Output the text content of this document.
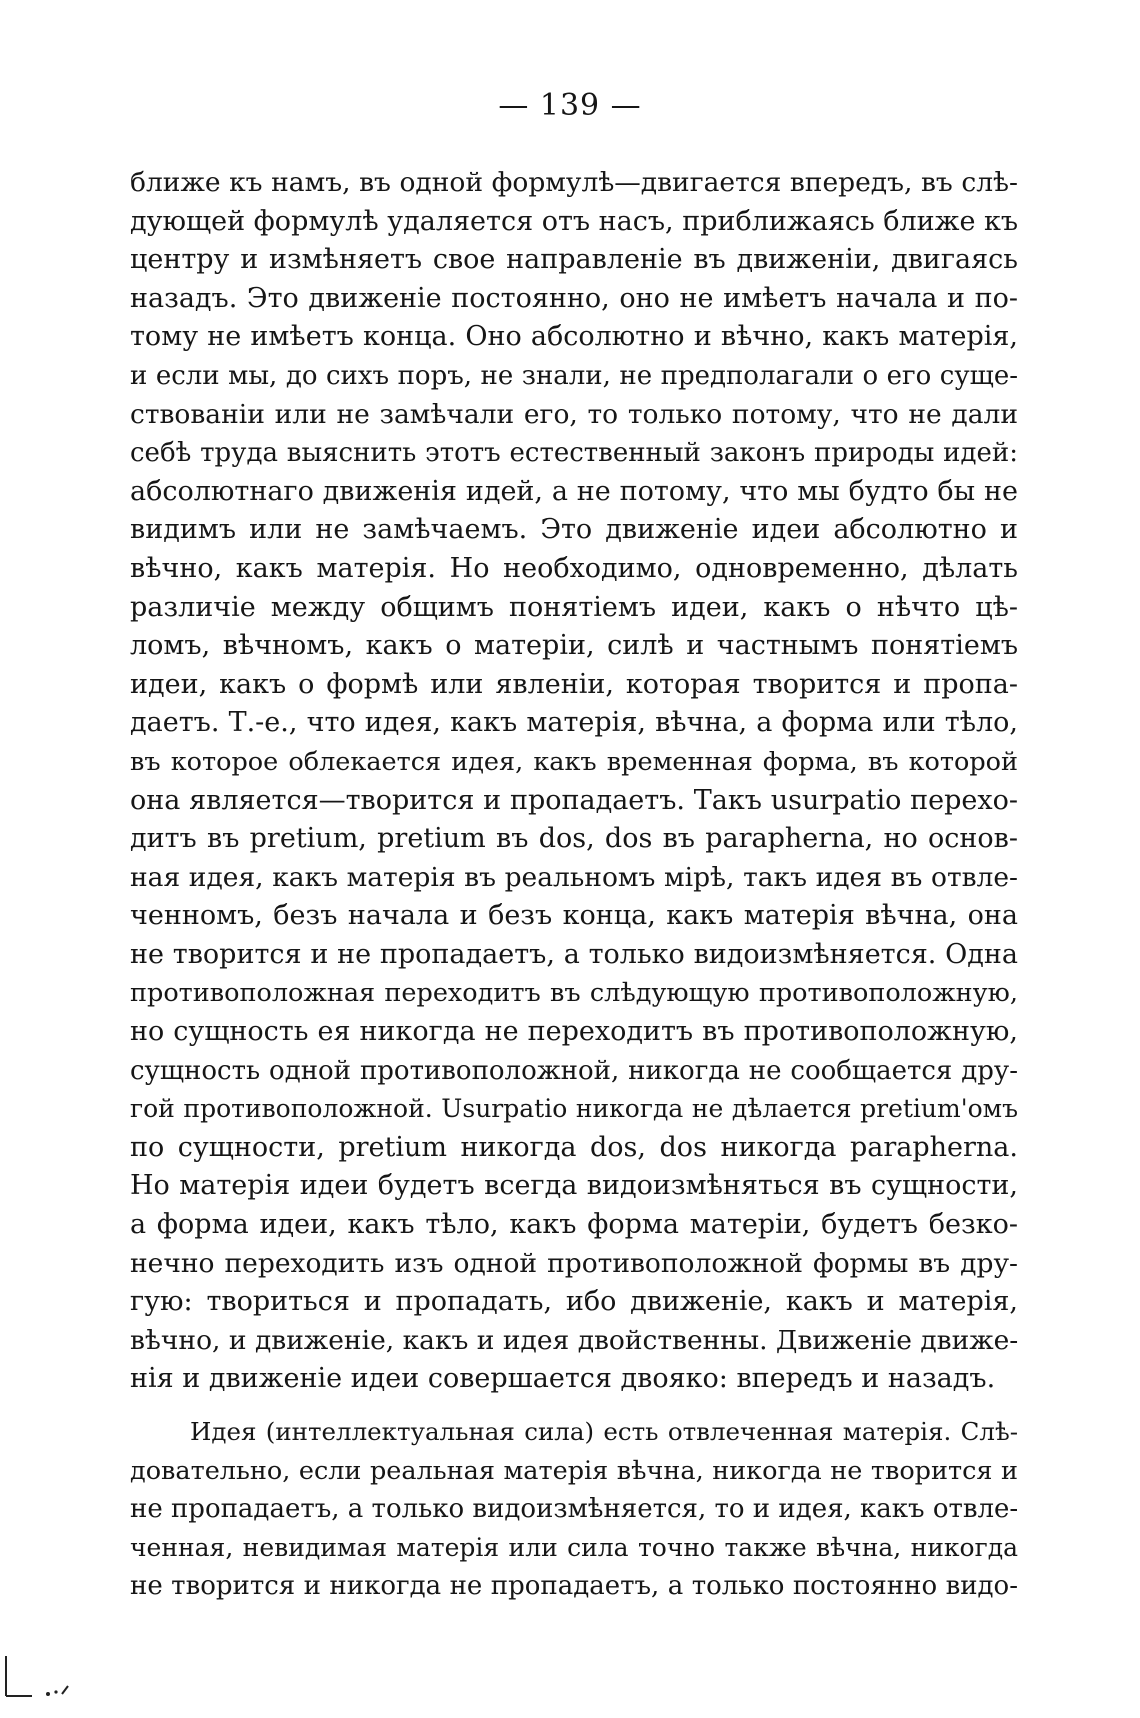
— 139 —
ближе къ намъ, въ одной формулѣ—двигается впередъ, въ слѣ-
дующей формулѣ удаляется отъ насъ, приближаясь ближе къ
центру и измѣняетъ свое направленіе въ движеніи, двигаясь
назадъ. Это движеніе постоянно, оно не имѣетъ начала и по-
тому не имѣетъ конца. Оно абсолютно и вѣчно, какъ матерія,
и если мы, до сихъ поръ, не знали, не предполагали о его суще-
ствованіи или не замѣчали его, то только потому, что не дали
себѣ труда выяснить этотъ естественный законъ природы идей:
абсолютнаго движенія идей, а не потому, что мы будто бы не
видимъ или не замѣчаемъ. Это движеніе идеи абсолютно и
вѣчно, какъ матерія. Но необходимо, одновременно, дѣлать
различіе между общимъ понятіемъ идеи, какъ о нѣчто цѣ-
ломъ, вѣчномъ, какъ о матеріи, силѣ и частнымъ понятіемъ
идеи, какъ о формѣ или явленіи, которая творится и пропа-
даетъ. Т.-е., что идея, какъ матерія, вѣчна, а форма или тѣло,
въ которое облекается идея, какъ временная форма, въ которой
она является—творится и пропадаетъ. Такъ usurpatio перехо-
дитъ въ pretium, pretium въ dos, dos въ parapherna, но основ-
ная идея, какъ матерія въ реальномъ мірѣ, такъ идея въ отвле-
ченномъ, безъ начала и безъ конца, какъ матерія вѣчна, она
не творится и не пропадаетъ, а только видоизмѣняется. Одна
противоположная переходитъ въ слѣдующую противоположную,
но сущность ея никогда не переходитъ въ противоположную,
сущность одной противоположной, никогда не сообщается дру-
гой противоположной. Usurpatio никогда не дѣлается pretium'омъ
по сущности, pretium никогда dos, dos никогда parapherna.
Но матерія идеи будетъ всегда видоизмѣняться въ сущности,
а форма идеи, какъ тѣло, какъ форма матеріи, будетъ безко-
нечно переходить изъ одной противоположной формы въ дру-
гую: твориться и пропадать, ибо движеніе, какъ и матерія,
вѣчно, и движеніе, какъ и идея двойственны. Движеніе движе-
нія и движеніе идеи совершается двояко: впередъ и назадъ.
Идея (интеллектуальная сила) есть отвлеченная матерія. Слѣ-
довательно, если реальная матерія вѣчна, никогда не творится и
не пропадаетъ, а только видоизмѣняется, то и идея, какъ отвле-
ченная, невидимая матерія или сила точно также вѣчна, никогда
не творится и никогда не пропадаетъ, а только постоянно видо-
